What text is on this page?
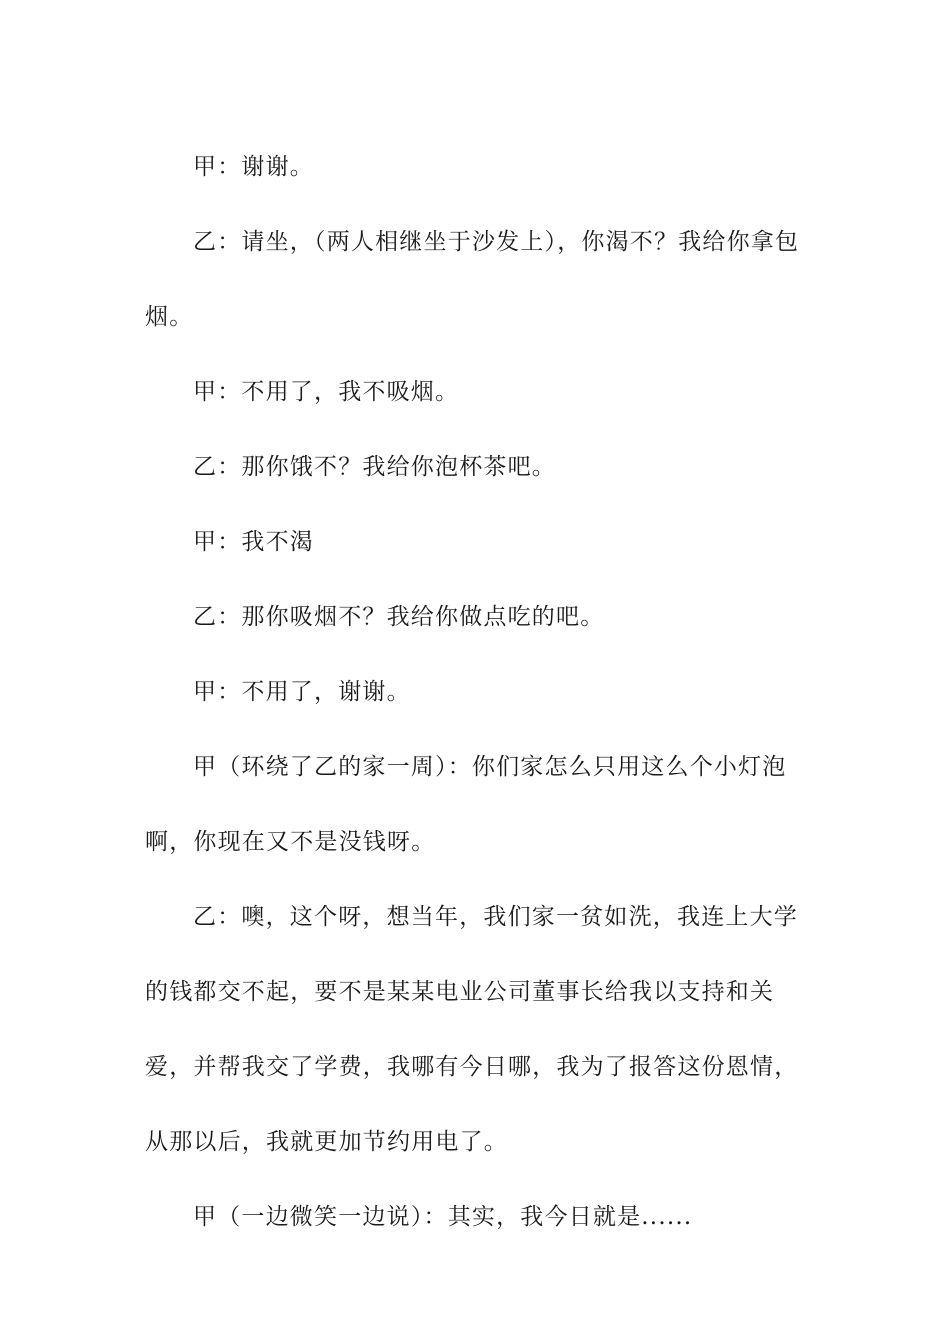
甲：谢谢。

乙：请坐，（两人相继坐于沙发上），你渴不？我给你拿包烟。

甲：不用了，我不吸烟。

乙：那你饿不？我给你泡杯茶吧。

甲：我不渴

乙：那你吸烟不？我给你做点吃的吧。

甲：不用了，谢谢。

甲（环绕了乙的家一周）：你们家怎么只用这么个小灯泡啊，你现在又不是没钱呀。

乙：噢，这个呀，想当年，我们家一贫如洗，我连上大学的钱都交不起，要不是某某电业公司董事长给我以支持和关爱，并帮我交了学费，我哪有今日哪，我为了报答这份恩情，从那以后，我就更加节约用电了。

甲（一边微笑一边说）：其实，我今日就是......
